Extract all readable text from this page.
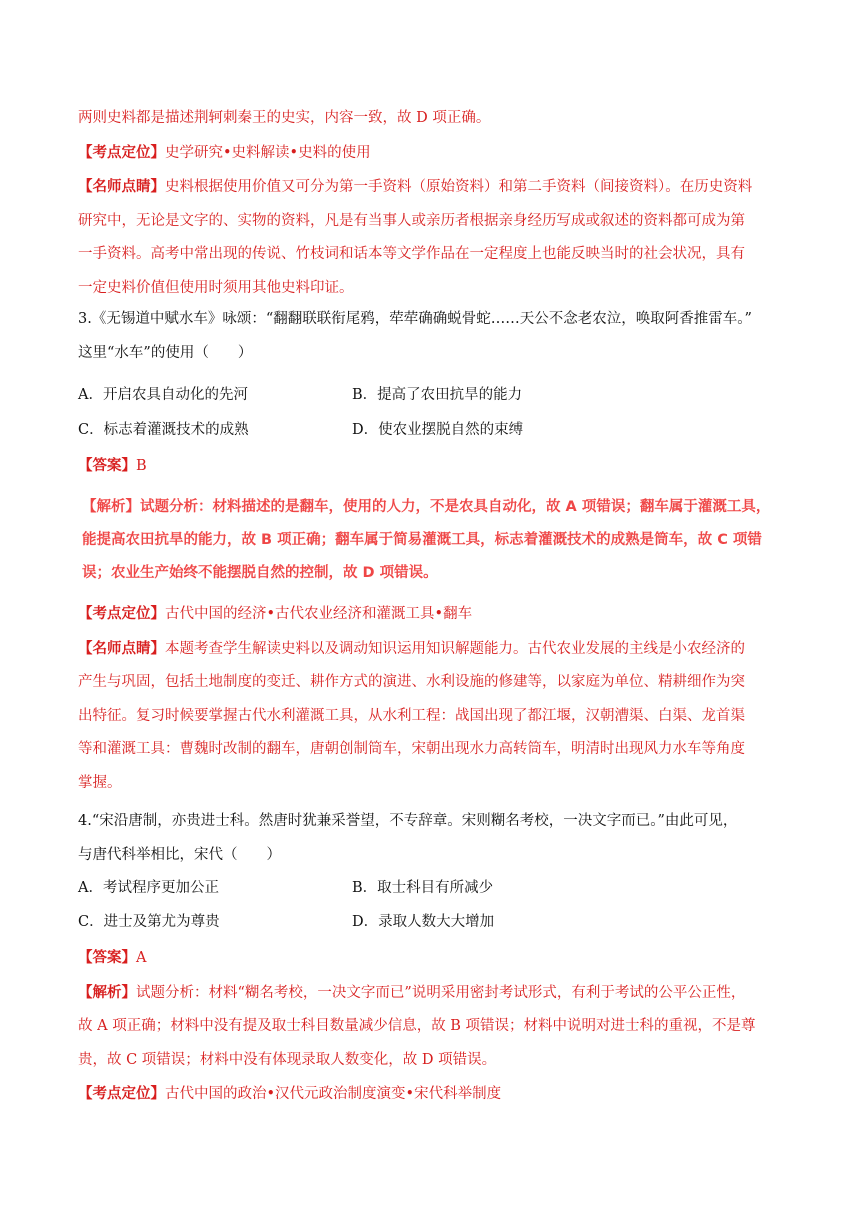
两则史料都是描述荆轲刺秦王的史实，内容一致，故 D 项正确。
【考点定位】史学研究•史料解读•史料的使用
【名师点睛】史料根据使用价值又可分为第一手资料（原始资料）和第二手资料（间接资料）。在历史资料
研究中，无论是文字的、实物的资料，凡是有当事人或亲历者根据亲身经历写成或叙述的资料都可成为第
一手资料。高考中常出现的传说、竹枝词和话本等文学作品在一定程度上也能反映当时的社会状况，具有
一定史料价值但使用时须用其他史料印证。
3.《无锡道中赋水车》咏颂：“翻翻联联衔尾鸦，荦荦确确蜕骨蛇……天公不念老农泣，唤取阿香推雷车。”
这里“水车”的使用（　　）
A．开启农具自动化的先河	B．提高了农田抗旱的能力
C．标志着灌溉技术的成熟	D．使农业摆脱自然的束缚
【答案】B
【解析】试题分析：材料描述的是翻车，使用的人力，不是农具自动化，故 A 项错误；翻车属于灌溉工具，
能提高农田抗旱的能力，故 B 项正确；翻车属于简易灌溉工具，标志着灌溉技术的成熟是筒车，故 C 项错
误；农业生产始终不能摆脱自然的控制，故 D 项错误。
【考点定位】古代中国的经济•古代农业经济和灌溉工具•翻车
【名师点睛】本题考查学生解读史料以及调动知识运用知识解题能力。古代农业发展的主线是小农经济的
产生与巩固，包括土地制度的变迁、耕作方式的演进、水利设施的修建等，以家庭为单位、精耕细作为突
出特征。复习时候要掌握古代水利灌溉工具，从水利工程：战国出现了都江堰，汉朝漕渠、白渠、龙首渠
等和灌溉工具：曹魏时改制的翻车，唐朝创制筒车，宋朝出现水力高转筒车，明清时出现风力水车等角度
掌握。
4.“宋沿唐制，亦贵进士科。然唐时犹兼采誉望，不专辞章。宋则糊名考校，一决文字而已。”由此可见，
与唐代科举相比，宋代（　　）
A．考试程序更加公正	B．取士科目有所减少
C．进士及第尤为尊贵	D．录取人数大大增加
【答案】A
【解析】试题分析：材料“糊名考校，一决文字而已”说明采用密封考试形式，有利于考试的公平公正性，
故 A 项正确；材料中没有提及取士科目数量减少信息，故 B 项错误；材料中说明对进士科的重视，不是尊
贵，故 C 项错误；材料中没有体现录取人数变化，故 D 项错误。
【考点定位】古代中国的政治•汉代元政治制度演变•宋代科举制度
